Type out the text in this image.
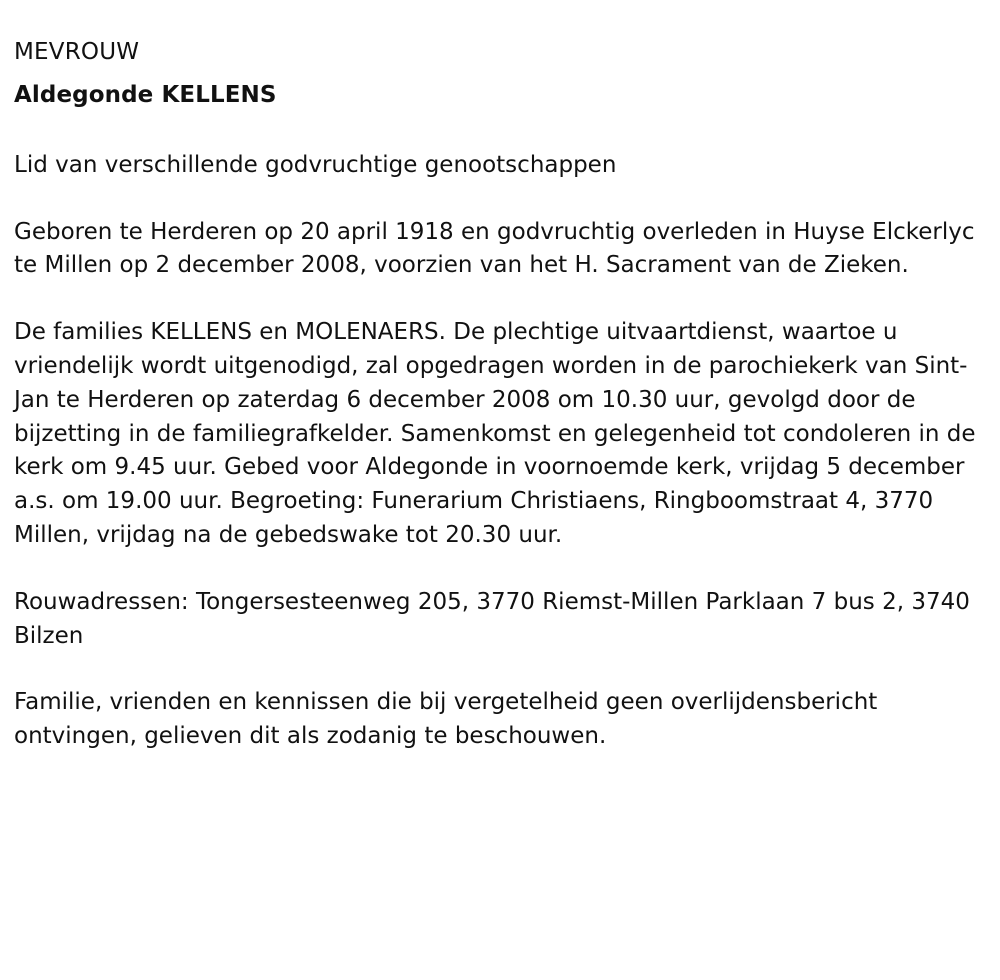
MEVROUW

Aldegonde KELLENS

Lid van verschillende godvruchtige genootschappen

Geboren te Herderen op 20 april 1918 en godvruchtig overleden in Huyse Elckerlyc te Millen op 2 december 2008, voorzien van het H. Sacrament van de Zieken.

De families KELLENS en MOLENAERS. De plechtige uitvaartdienst, waartoe u vriendelijk wordt uitgenodigd, zal opgedragen worden in de parochiekerk van Sint-Jan te Herderen op zaterdag 6 december 2008 om 10.30 uur, gevolgd door de bijzetting in de familiegrafkelder. Samenkomst en gelegenheid tot condoleren in de kerk om 9.45 uur. Gebed voor Aldegonde in voornoemde kerk, vrijdag 5 december a.s. om 19.00 uur. Begroeting: Funerarium Christiaens, Ringboomstraat 4, 3770 Millen, vrijdag na de gebedswake tot 20.30 uur.

Rouwadressen: Tongersesteenweg 205, 3770 Riemst-Millen Parklaan 7 bus 2, 3740 Bilzen

Familie, vrienden en kennissen die bij vergetelheid geen overlijdensbericht ontvingen, gelieven dit als zodanig te beschouwen.
